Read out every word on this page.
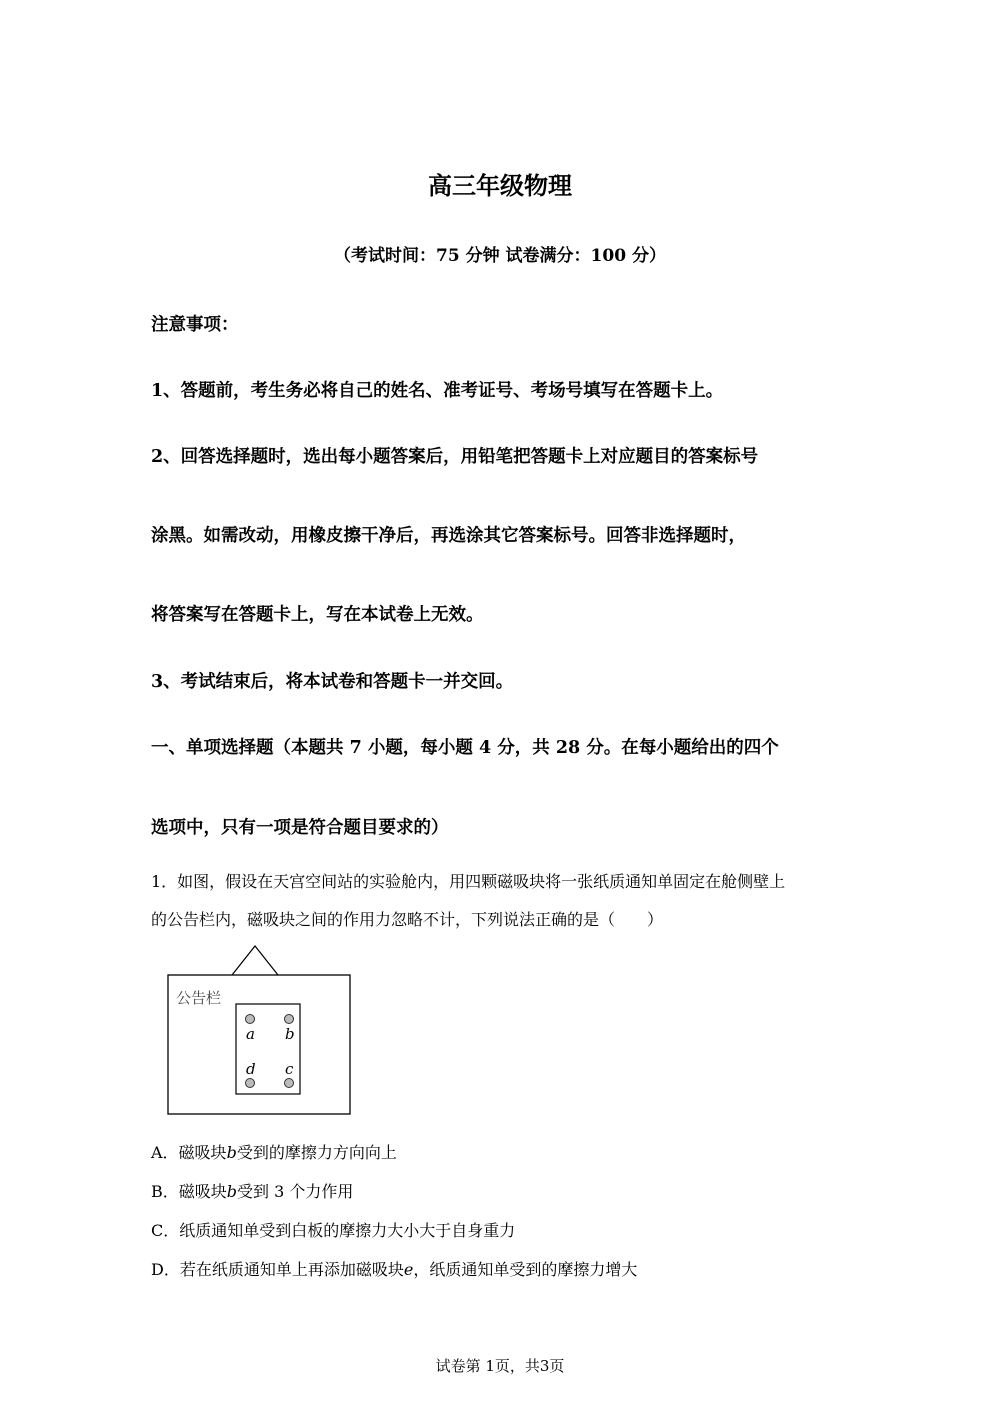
高三年级物理
（考试时间：75 分钟 试卷满分：100 分）
注意事项：
1、答题前，考生务必将自己的姓名、准考证号、考场号填写在答题卡上。
2、回答选择题时，选出每小题答案后，用铅笔把答题卡上对应题目的答案标号
涂黑。如需改动，用橡皮擦干净后，再选涂其它答案标号。回答非选择题时，
将答案写在答题卡上，写在本试卷上无效。
3、考试结束后，将本试卷和答题卡一并交回。
一、单项选择题（本题共 7 小题，每小题 4 分，共 28 分。在每小题给出的四个
选项中，只有一项是符合题目要求的）
1．如图，假设在天宫空间站的实验舱内，用四颗磁吸块将一张纸质通知单固定在舱侧壁上
的公告栏内，磁吸块之间的作用力忽略不计，下列说法正确的是（　　）
公告栏
a b
c
d
A．磁吸块b受到的摩擦力方向向上
B．磁吸块b受到 3 个力作用
C．纸质通知单受到白板的摩擦力大小大于自身重力
D．若在纸质通知单上再添加磁吸块e，纸质通知单受到的摩擦力增大
试卷第 1页，共3页
